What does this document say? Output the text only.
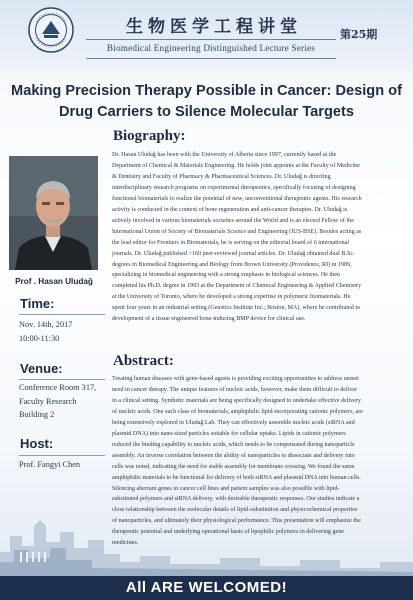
生物医学工程讲堂	第25期
Biomedical Engineering Distinguished Lecture Series
Making Precision Therapy Possible in Cancer: Design of Drug Carriers to Silence Molecular Targets
Prof . Hasan Uludağ
Time:
Nov. 14th, 2017
10:00-11:30
Venue:
Conference Room 317,
Faculty Research
Building 2
Host:
Prof. Fangyi Chen
Biography:
Dr. Hasan Uludağ has been with the University of Alberta since 1997, currently based at the
Department of Chemical & Materials Engineering. He holds joint appoints at the Faculty of Medicine
& Dentistry and Faculty of Pharmacy & Pharmaceutical Sciences. Dr. Uludağ is directing
interdisciplinary research programs on experimental therapeutics, specifically focusing of designing
functional biomaterials to realize the potential of new, unconventional therapeutic agents. His research
activity is conducted in the context of bone regeneration and anti-cancer therapies. Dr. Uludağ is
actively involved in various biomaterials societies around the World and is an elected Fellow of the
International Union of Society of Biomaterials Science and Engineering (IUS-BSE). Besides acting as
the lead editor for Frontiers in Biomaterials, he is serving on the editorial board of 6 international
journals. Dr. Uludağ published >160 peer-reviewed journal articles. Dr. Uludağ obtained dual B.Sc.
degrees in Biomedical Engineering and Biology from Brown University (Providence, RI) in 1989,
specializing in biomedical engineering with a strong emphasis in biological sciences. He then
completed his Ph.D. degree in 1993 at the Department of Chemical Engineering & Applied Chemistry
at the University of Toronto, where he developed a strong expertise in polymeric biomaterials. He
spent four years in an industrial setting (Genetics Institute Inc.; Boston, MA), where he contributed to
development of a tissue engineered bone-inducing BMP device for clinical use.
Abstract:
Treating human diseases with gene-based agents is providing exciting opportunities to address unmet
need in cancer therapy. The unique features of nucleic acids, however, make them difficult to deliver
in a clinical setting. Synthetic materials are being specifically designed to undertake effective delivery
of nucleic acids. One such class of biomaterials, amphiphilic lipid-incorporating cationic polymers, are
being extensively explored in Uludağ Lab. They can effectively assemble nucleic acids (siRNA and
plasmid DNA) into nano-sized particles suitable for cellular uptake. Lipids in cationic polymers
reduced the binding capability to nucleic acids, which needs to be compensated during nanoparticle
assembly. An inverse correlation between the ability of nanoparticles to dissociate and delivery into
cells was noted, indicating the need for stable assembly for membrane crossing. We found the same
amphiphilic materials to be functional for delivery of both siRNA and plasmid DNA into human cells.
Silencing aberrant genes in cancer cell lines and patient samples was also possible with lipid-
substituted polymers and siRNA delivery, with desirable therapeutic responses. Our studies indicate a
close relationship between the molecular details of lipid-substitution and physicochemical properties
of nanoparticles, and ultimately their physiological performance. This presentation will emphasize the
therapeutic potential and underlying operational basis of lipophilic polymers in delivering gene
medicines.
All ARE WELCOMED!
